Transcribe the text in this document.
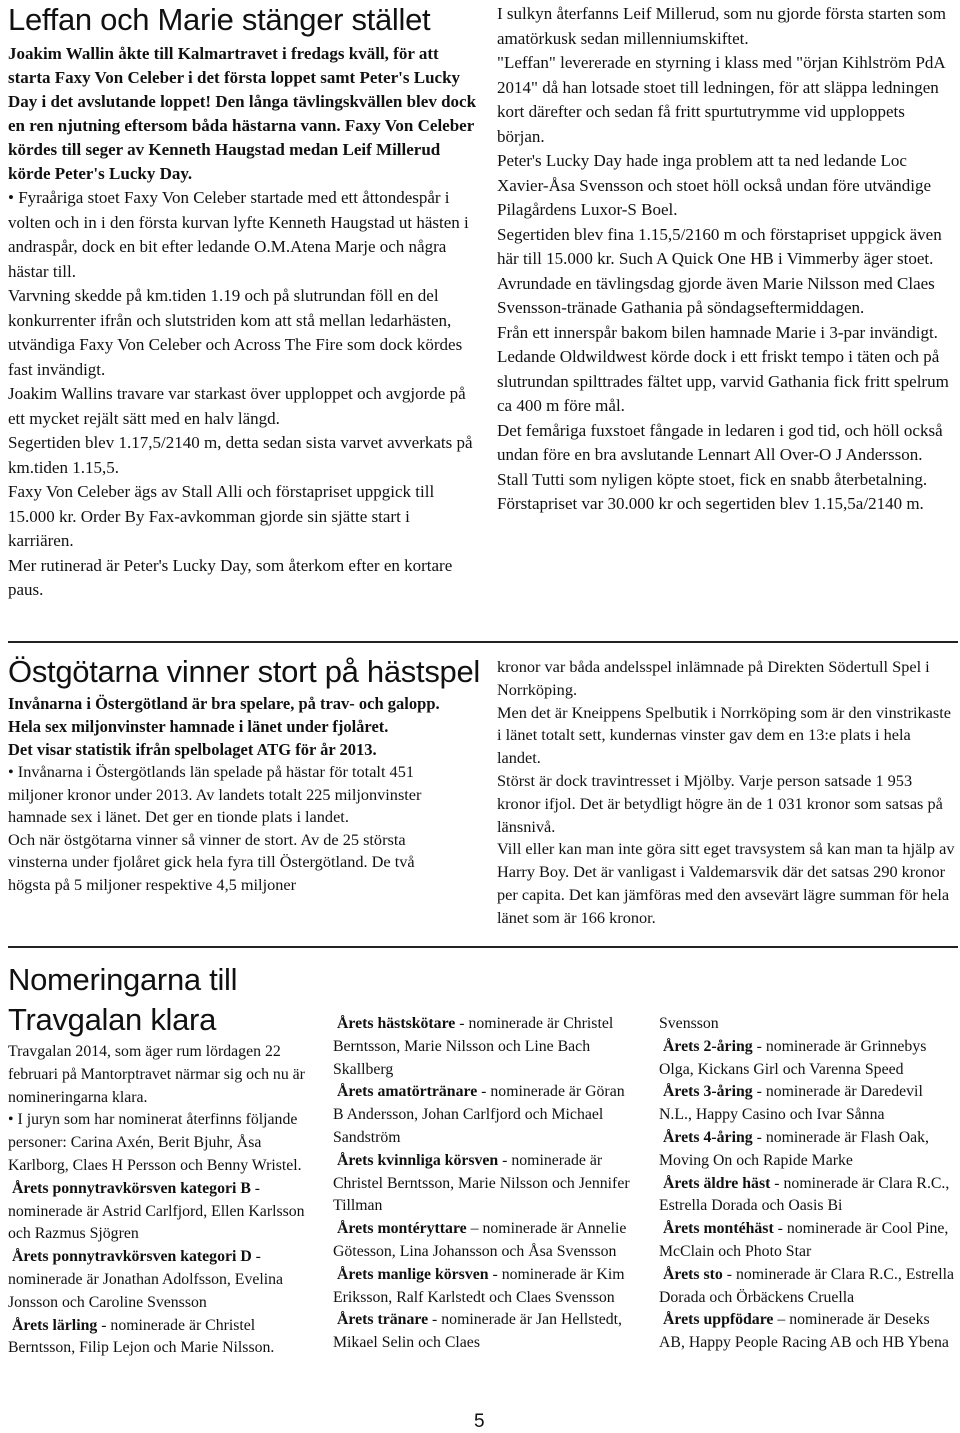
Leffan och Marie stänger stället

Joakim Wallin åkte till Kalmartravet i fredags kväll, för att starta Faxy Von Celeber i det första loppet samt Peter's Lucky Day i det avslutande loppet! Den långa tävlingskvällen blev dock en ren njutning eftersom båda hästarna vann. Faxy Von Celeber kördes till seger av Kenneth Haugstad medan Leif Millerud körde Peter's Lucky Day.

• Fyraåriga stoet Faxy Von Celeber startade med ett åttondespår i volten och in i den första kurvan lyfte Kenneth Haugstad ut hästen i andraspår, dock en bit efter ledande O.M.Atena Marje och några hästar till.

Varvning skedde på km.tiden 1.19 och på slutrundan föll en del konkurrenter ifrån och slutstriden kom att stå mellan ledarhästen, utvändiga Faxy Von Celeber och Across The Fire som dock kördes fast invändigt.

Joakim Wallins travare var starkast över upploppet och avgjorde på ett mycket rejält sätt med en halv längd.

Segertiden blev 1.17,5/2140 m, detta sedan sista varvet avverkats på km.tiden 1.15,5.

Faxy Von Celeber ägs av Stall Alli och förstapriset uppgick till 15.000 kr. Order By Fax-avkomman gjorde sin sjätte start i karriären.

Mer rutinerad är Peter's Lucky Day, som återkom efter en kortare paus.

I sulkyn återfanns Leif Millerud, som nu gjorde första starten som amatörkusk sedan millenniumskiftet.

"Leffan" levererade en styrning i klass med "örjan Kihlström PdA 2014" då han lotsade stoet till ledningen, för att släppa ledningen kort därefter och sedan få fritt spurtutrymme vid upploppets början.

Peter's Lucky Day hade inga problem att ta ned ledande Loc Xavier-Åsa Svensson och stoet höll också undan före utvändige Pilagårdens Luxor-S Boel.

Segertiden blev fina 1.15,5/2160 m och förstapriset uppgick även här till 15.000 kr. Such A Quick One HB i Vimmerby äger stoet.

Avrundade en tävlingsdag gjorde även Marie Nilsson med Claes Svensson-tränade Gathania på söndagseftermiddagen.

Från ett innerspår bakom bilen hamnade Marie i 3-par invändigt.

Ledande Oldwildwest körde dock i ett friskt tempo i täten och på slutrundan spilttrades fältet upp, varvid Gathania fick fritt spelrum ca 400 m före mål.

Det femåriga fuxstoet fångade in ledaren i god tid, och höll också undan före en bra avslutande Lennart All Over-O J Andersson.

Stall Tutti som nyligen köpte stoet, fick en snabb återbetalning. Förstapriset var 30.000 kr och segertiden blev 1.15,5a/2140 m.

Östgötarna vinner stort på hästspel

Invånarna i Östergötland är bra spelare, på trav- och galopp. Hela sex miljonvinster hamnade i länet under fjolåret.

Det visar statistik ifrån spelbolaget ATG för år 2013.

• Invånarna i Östergötlands län spelade på hästar för totalt 451 miljoner kronor under 2013. Av landets totalt 225 miljonvinster hamnade sex i länet. Det ger en tionde plats i landet.

Och när östgötarna vinner så vinner de stort. Av de 25 största vinsterna under fjolåret gick hela fyra till Östergötland. De två högsta på 5 miljoner respektive 4,5 miljoner

kronor var båda andelsspel inlämnade på Direkten Södertull Spel i Norrköping.

Men det är Kneippens Spelbutik i Norrköping som är den vinstrikaste i länet totalt sett, kundernas vinster gav dem en 13:e plats i hela landet.

Störst är dock travintresset i Mjölby. Varje person satsade 1 953 kronor ifjol. Det är betydligt högre än de 1 031 kronor som satsas på länsnivå.

Vill eller kan man inte göra sitt eget travsystem så kan man ta hjälp av Harry Boy. Det är vanligast i Valdemarsvik där det satsas 290 kronor per capita. Det kan jämföras med den avsevärt lägre summan för hela länet som är 166 kronor.

Nomeringarna till Travgalan klara

Travgalan 2014, som äger rum lördagen 22 februari på Mantorptravet närmar sig och nu är nomineringarna klara.

• I juryn som har nominerat återfinns följande personer: Carina Axén, Berit Bjuhr, Åsa Karlborg, Claes H Persson och Benny Wristel.

Årets ponnytravkörsven kategori B - nominerade är Astrid Carlfjord, Ellen Karlsson och Razmus Sjögren

Årets ponnytravkörsven kategori D - nominerade är Jonathan Adolfsson, Evelina Jonsson och Caroline Svensson

Årets lärling - nominerade är Christel Berntsson, Filip Lejon och Marie Nilsson.

Årets hästskötare - nominerade är Christel Berntsson, Marie Nilsson och Line Bach Skallberg

Årets amatörtränare - nominerade är Göran B Andersson, Johan Carlfjord och Michael Sandström

Årets kvinnliga körsven - nominerade är Christel Berntsson, Marie Nilsson och Jennifer Tillman

Årets montéryttare – nominerade är Annelie Götesson, Lina Johansson och Åsa Svensson

Årets manlige körsven - nominerade är Kim Eriksson, Ralf Karlstedt och Claes Svensson

Årets tränare - nominerade är Jan Hellstedt, Mikael Selin och Claes

Svensson

Årets 2-åring - nominerade är Grinnebys Olga, Kickans Girl och Varenna Speed

Årets 3-åring - nominerade är Daredevil N.L., Happy Casino och Ivar Sånna

Årets 4-åring - nominerade är Flash Oak, Moving On och Rapide Marke

Årets äldre häst - nominerade är Clara R.C., Estrella Dorada och Oasis Bi

Årets montéhäst - nominerade är Cool Pine, McClain och Photo Star

Årets sto - nominerade är Clara R.C., Estrella Dorada och Örbäckens Cruella

Årets uppfödare – nominerade är Deseks AB, Happy People Racing AB och HB Ybena

5
